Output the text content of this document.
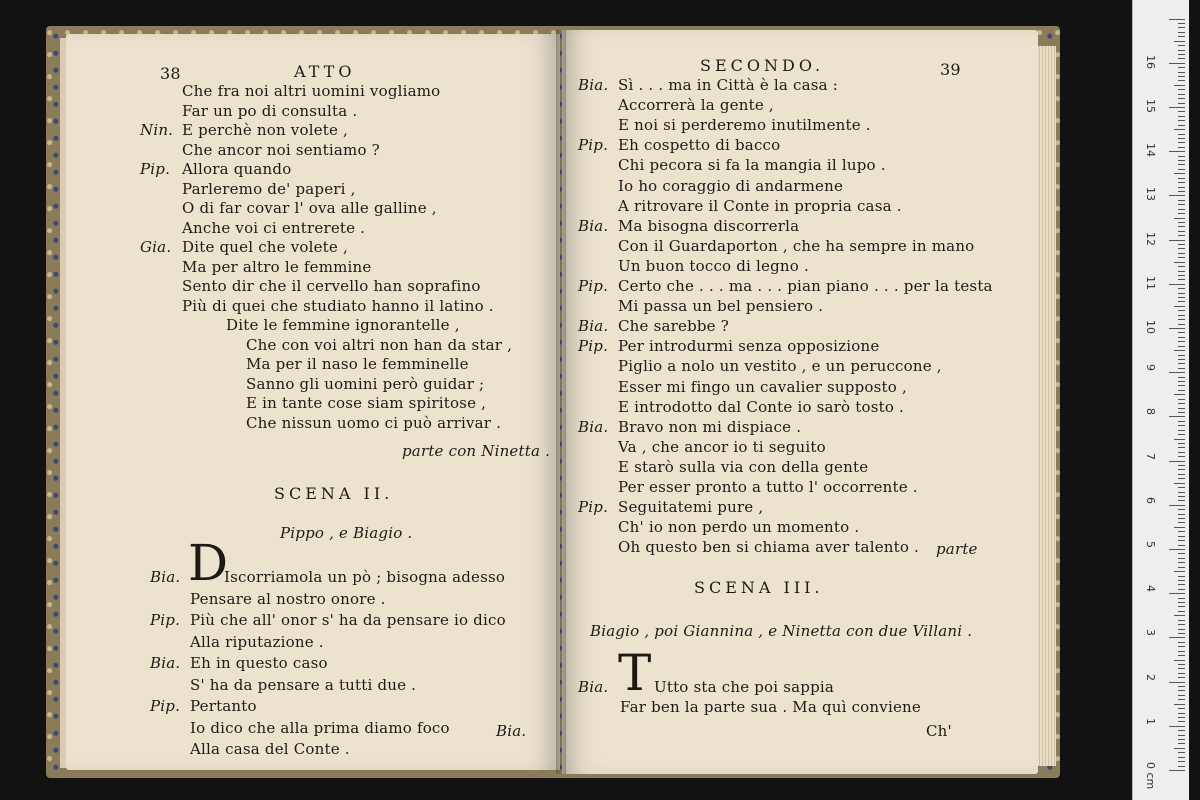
38	ATTO
Che fra noi altri uomini vogliamo
Far un po di consulta .
Nin. E perchè non volete ,
Che ancor noi sentiamo ?
Pip. Allora quando
Parleremo de' paperi ,
O di far covar l' ova alle galline ,
Anche voi ci entrerete .
Gia. Dite quel che volete ,
Ma per altro le femmine
Sento dir che il cervello han soprafino
Più di quei che studiato hanno il latino .
Dite le femmine ignorantelle ,
Che con voi altri non han da star ,
Ma per il naso le femminelle
Sanno gli uomini però guidar ;
E in tante cose siam spiritose ,
Che nissun uomo ci può arrivar .
parte con Ninetta .
SCENA II.
Pippo , e Biagio .
Bia. D
Iscorriamola un pò ; bisogna adesso
Pensare al nostro onore .
Pip. Più che all' onor s' ha da pensare io dico
Alla riputazione .
Bia. Eh in questo caso
S' ha da pensare a tutti due .
Pip. Pertanto
Io dico che alla prima diamo foco
Alla casa del Conte .
Bia.
SECONDO.	39
Bia. Sì . . . ma in Città è la casa :
Accorrerà la gente ,
E noi si perderemo inutilmente .
Pip. Eh cospetto di bacco
Chi pecora si fa la mangia il lupo .
Io ho coraggio di andarmene
A ritrovare il Conte in propria casa .
Bia. Ma bisogna discorrerla
Con il Guardaporton , che ha sempre in mano
Un buon tocco di legno .
Pip. Certo che . . . ma . . . pian piano . . . per la testa
Mi passa un bel pensiero .
Bia. Che sarebbe ?
Pip. Per introdurmi senza opposizione
Piglio a nolo un vestito , e un peruccone ,
Esser mi fingo un cavalier supposto ,
E introdotto dal Conte io sarò tosto .
Bia. Bravo non mi dispiace .
Va , che ancor io ti seguito
E starò sulla via con della gente
Per esser pronto a tutto l' occorrente .
Pip. Seguitatemi pure ,
Ch' io non perdo un momento .
Oh questo ben si chiama aver talento . parte
SCENA III.
Biagio , poi Giannina , e Ninetta con due Villani .
Bia. T Utto sta che poi sappia
Far ben la parte sua . Ma quì conviene
Ch'
16
15
14
13
12
11
10
9
8
7
6
5
4
3
2
1
0 cm
